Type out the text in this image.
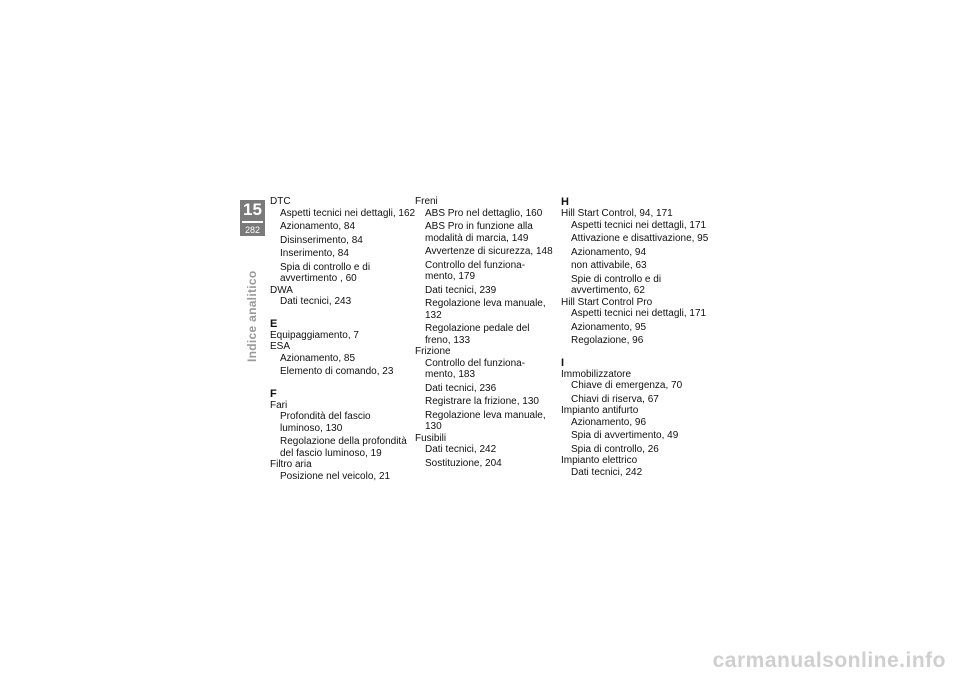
15
282
Indice analitico
DTC
Aspetti tecnici nei dettagli, 162
Azionamento, 84
Disinserimento, 84
Inserimento, 84
Spia di controllo e di
avvertimento , 60
DWA
Dati tecnici, 243
E
Equipaggiamento, 7
ESA
Azionamento, 85
Elemento di comando, 23
F
Fari
Profondità del fascio
luminoso, 130
Regolazione della profondità
del fascio luminoso, 19
Filtro aria
Posizione nel veicolo, 21
Freni
ABS Pro nel dettaglio, 160
ABS Pro in funzione alla
modalità di marcia, 149
Avvertenze di sicurezza, 148
Controllo del funziona-
mento, 179
Dati tecnici, 239
Regolazione leva manuale, 132
Regolazione pedale del
freno, 133
Frizione
Controllo del funziona-
mento, 183
Dati tecnici, 236
Registrare la frizione, 130
Regolazione leva manuale, 130
Fusibili
Dati tecnici, 242
Sostituzione, 204
H
Hill Start Control, 94, 171
Aspetti tecnici nei dettagli, 171
Attivazione e disattivazione, 95
Azionamento, 94
non attivabile, 63
Spie di controllo e di
avvertimento, 62
Hill Start Control Pro
Aspetti tecnici nei dettagli, 171
Azionamento, 95
Regolazione, 96
I
Immobilizzatore
Chiave di emergenza, 70
Chiavi di riserva, 67
Impianto antifurto
Azionamento, 96
Spia di avvertimento, 49
Spia di controllo, 26
Impianto elettrico
Dati tecnici, 242
carmanualsonline.info
